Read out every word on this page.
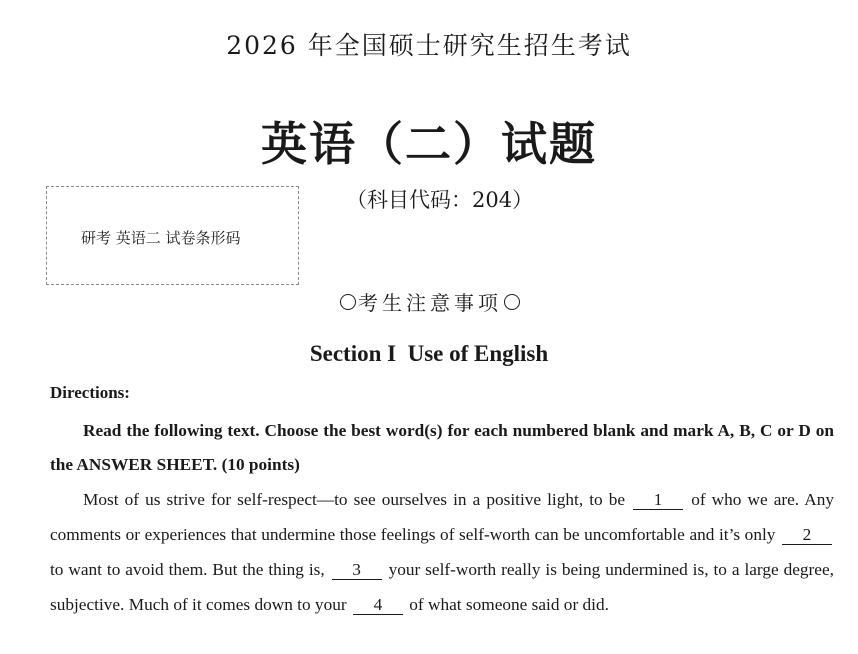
2026 年全国硕士研究生招生考试
英语（二）试题
研考 英语二 试卷条形码
（科目代码：204）
考生注意事项
Section I  Use of English
Directions:
Read the following text. Choose the best word(s) for each numbered blank and mark A, B, C or D on the ANSWER SHEET. (10 points)
Most of us strive for self-respect—to see ourselves in a positive light, to be 1 of who we are. Any comments or experiences that undermine those feelings of self-worth can be uncomfortable and it’s only 2 to want to avoid them. But the thing is, 3 your self-worth really is being undermined is, to a large degree, subjective. Much of it comes down to your 4 of what someone said or did.
